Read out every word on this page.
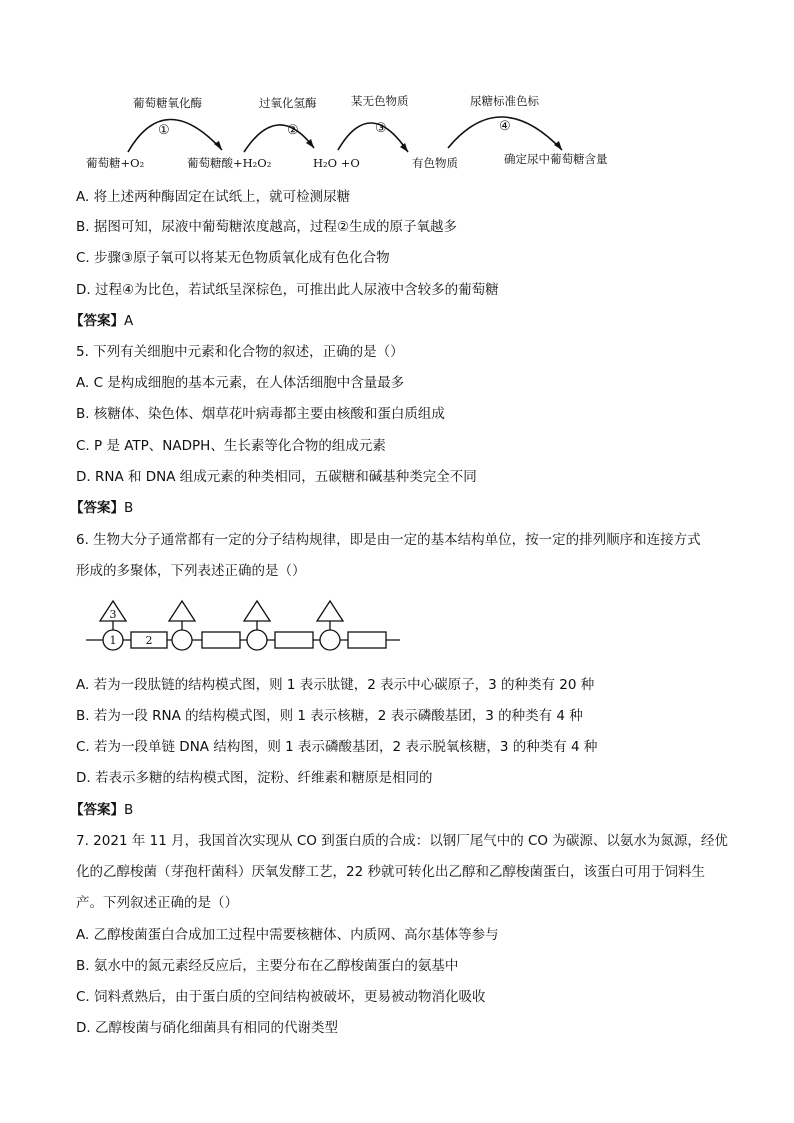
葡萄糖氧化酶	过氧化氢酶	某无色物质	尿糖标准色标
①	②	③	④
葡萄糖+O₂	葡萄糖酸+H₂O₂	H₂O +O	有色物质	确定尿中葡萄糖含量
A. 将上述两种酶固定在试纸上，就可检测尿糖
B. 据图可知，尿液中葡萄糖浓度越高，过程②生成的原子氧越多
C. 步骤③原子氧可以将某无色物质氧化成有色化合物
D. 过程④为比色，若试纸呈深棕色，可推出此人尿液中含较多的葡萄糖
【答案】A
5. 下列有关细胞中元素和化合物的叙述，正确的是（）
A. C 是构成细胞的基本元素，在人体活细胞中含量最多
B. 核糖体、染色体、烟草花叶病毒都主要由核酸和蛋白质组成
C. P 是 ATP、NADPH、生长素等化合物的组成元素
D. RNA 和 DNA 组成元素的种类相同，五碳糖和碱基种类完全不同
【答案】B
6. 生物大分子通常都有一定的分子结构规律，即是由一定的基本结构单位，按一定的排列顺序和连接方式
形成的多聚体，下列表述正确的是（）
3
1	2
A. 若为一段肽链的结构模式图，则 1 表示肽键，2 表示中心碳原子，3 的种类有 20 种
B. 若为一段 RNA 的结构模式图，则 1 表示核糖，2 表示磷酸基团，3 的种类有 4 种
C. 若为一段单链 DNA 结构图，则 1 表示磷酸基团，2 表示脱氧核糖，3 的种类有 4 种
D. 若表示多糖的结构模式图，淀粉、纤维素和糖原是相同的
【答案】B
7. 2021 年 11 月，我国首次实现从 CO 到蛋白质的合成：以钢厂尾气中的 CO 为碳源、以氨水为氮源，经优
化的乙醇梭菌（芽孢杆菌科）厌氧发酵工艺，22 秒就可转化出乙醇和乙醇梭菌蛋白，该蛋白可用于饲料生
产。下列叙述正确的是（）
A. 乙醇梭菌蛋白合成加工过程中需要核糖体、内质网、高尔基体等参与
B. 氨水中的氮元素经反应后，主要分布在乙醇梭菌蛋白的氨基中
C. 饲料煮熟后，由于蛋白质的空间结构被破坏，更易被动物消化吸收
D. 乙醇梭菌与硝化细菌具有相同的代谢类型
